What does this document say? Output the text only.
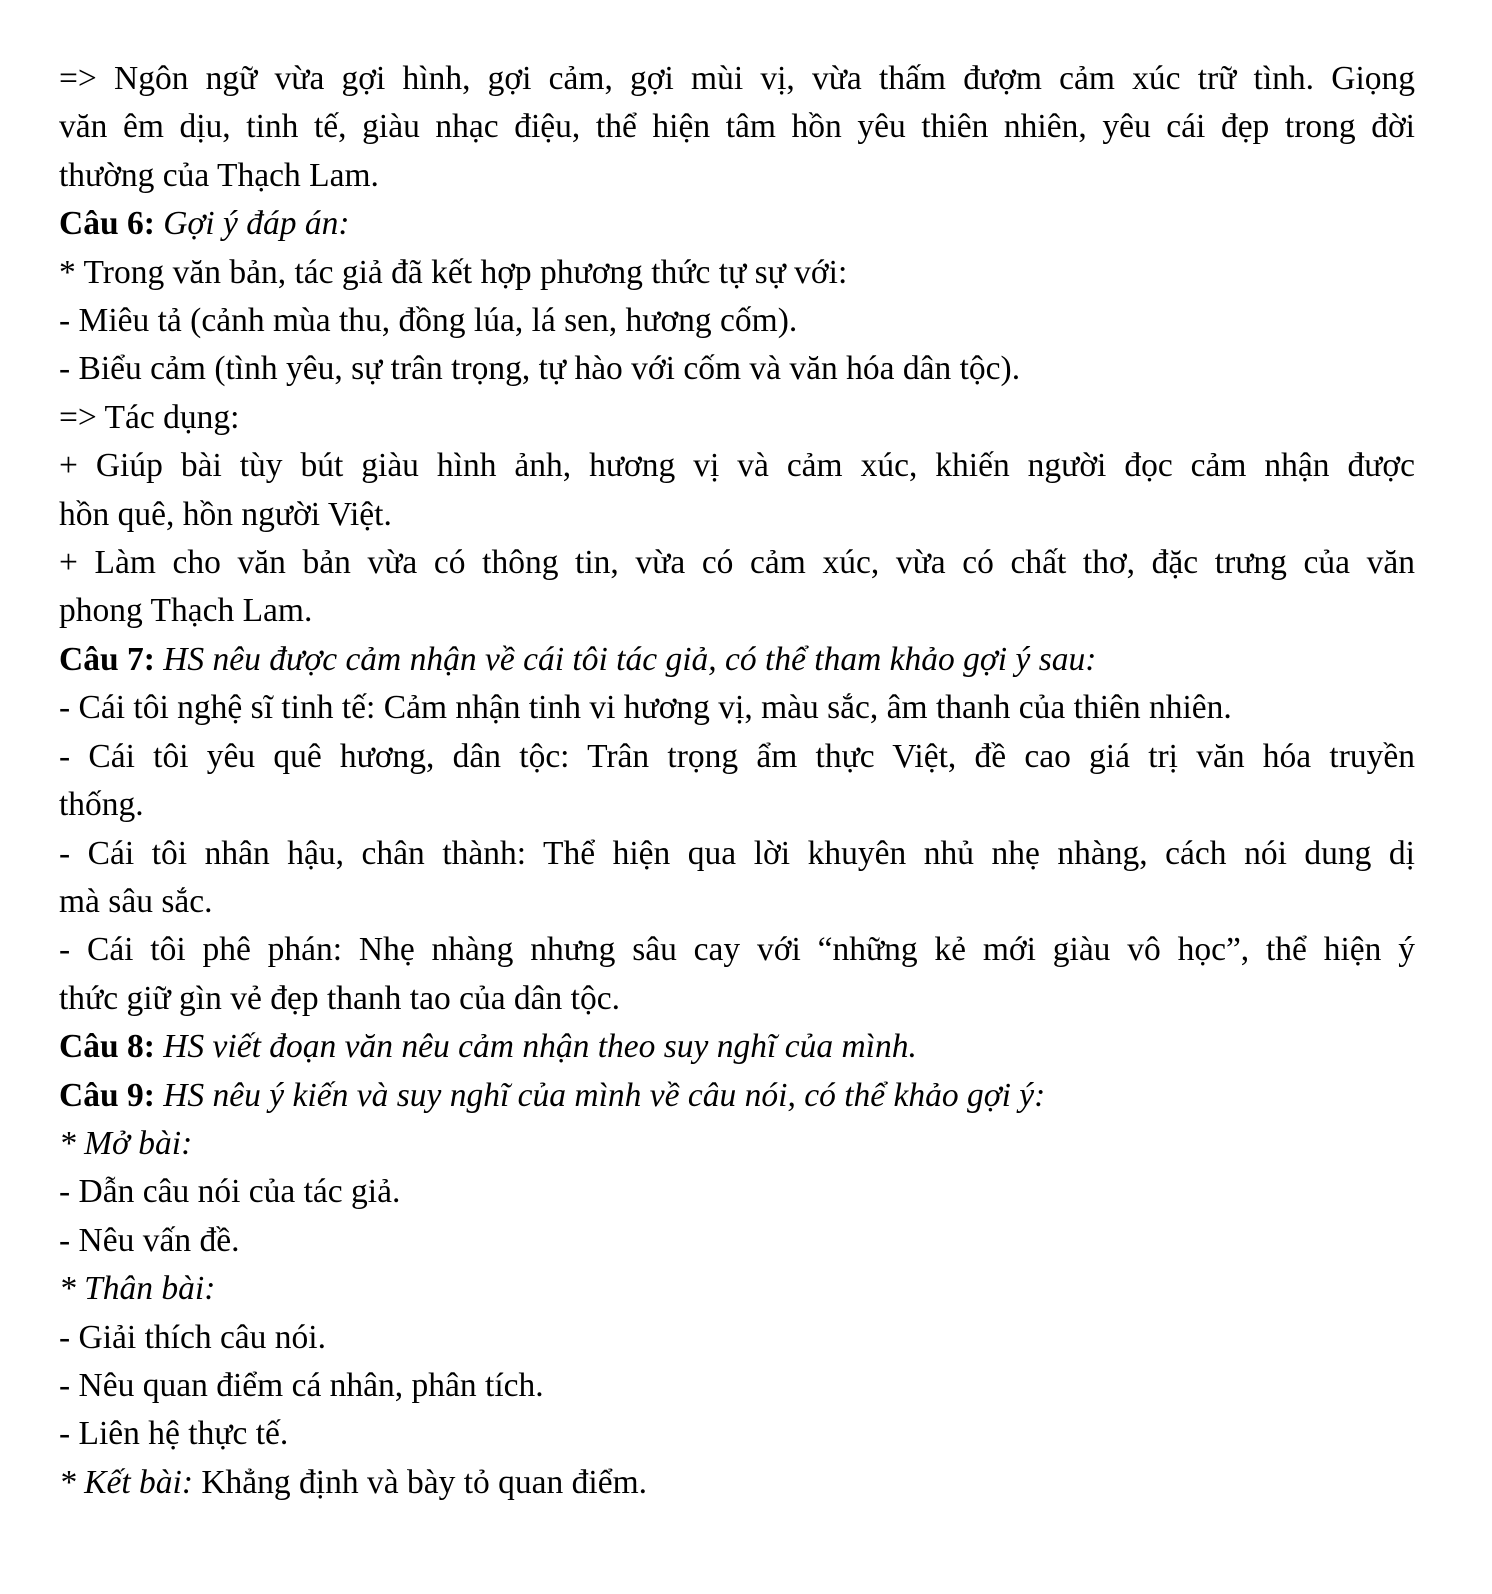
=> Ngôn ngữ vừa gợi hình, gợi cảm, gợi mùi vị, vừa thấm đượm cảm xúc trữ tình. Giọng
văn êm dịu, tinh tế, giàu nhạc điệu, thể hiện tâm hồn yêu thiên nhiên, yêu cái đẹp trong đời
thường của Thạch Lam.
Câu 6: Gợi ý đáp án:
* Trong văn bản, tác giả đã kết hợp phương thức tự sự với:
- Miêu tả (cảnh mùa thu, đồng lúa, lá sen, hương cốm).
- Biểu cảm (tình yêu, sự trân trọng, tự hào với cốm và văn hóa dân tộc).
=> Tác dụng:
+ Giúp bài tùy bút giàu hình ảnh, hương vị và cảm xúc, khiến người đọc cảm nhận được
hồn quê, hồn người Việt.
+ Làm cho văn bản vừa có thông tin, vừa có cảm xúc, vừa có chất thơ, đặc trưng của văn
phong Thạch Lam.
Câu 7: HS nêu được cảm nhận về cái tôi tác giả, có thể tham khảo gợi ý sau:
- Cái tôi nghệ sĩ tinh tế: Cảm nhận tinh vi hương vị, màu sắc, âm thanh của thiên nhiên.
- Cái tôi yêu quê hương, dân tộc: Trân trọng ẩm thực Việt, đề cao giá trị văn hóa truyền
thống.
- Cái tôi nhân hậu, chân thành: Thể hiện qua lời khuyên nhủ nhẹ nhàng, cách nói dung dị
mà sâu sắc.
- Cái tôi phê phán: Nhẹ nhàng nhưng sâu cay với “những kẻ mới giàu vô học”, thể hiện ý
thức giữ gìn vẻ đẹp thanh tao của dân tộc.
Câu 8: HS viết đoạn văn nêu cảm nhận theo suy nghĩ của mình.
Câu 9: HS nêu ý kiến và suy nghĩ của mình về câu nói, có thể khảo gợi ý:
* Mở bài:
- Dẫn câu nói của tác giả.
- Nêu vấn đề.
* Thân bài:
- Giải thích câu nói.
- Nêu quan điểm cá nhân, phân tích.
- Liên hệ thực tế.
* Kết bài: Khẳng định và bày tỏ quan điểm.
